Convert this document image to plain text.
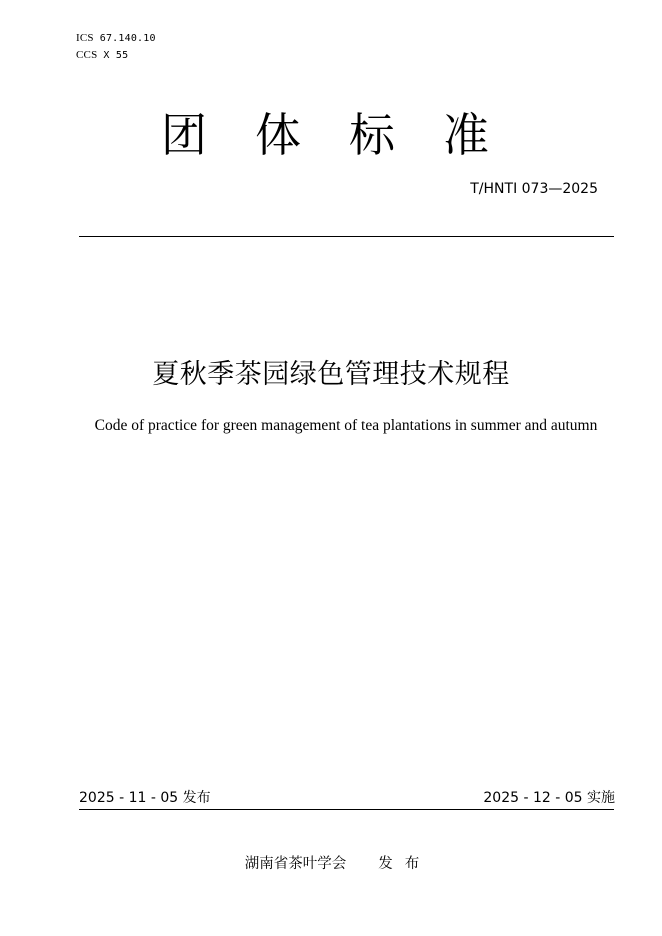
ICS 67.140.10
CCS X 55
团体标准
T/HNTI 073—2025
夏秋季茶园绿色管理技术规程
Code of practice for green management of tea plantations in summer and autumn
2025 - 11 - 05 发布	2025 - 12 - 05 实施
湖南省茶叶学会 发布
